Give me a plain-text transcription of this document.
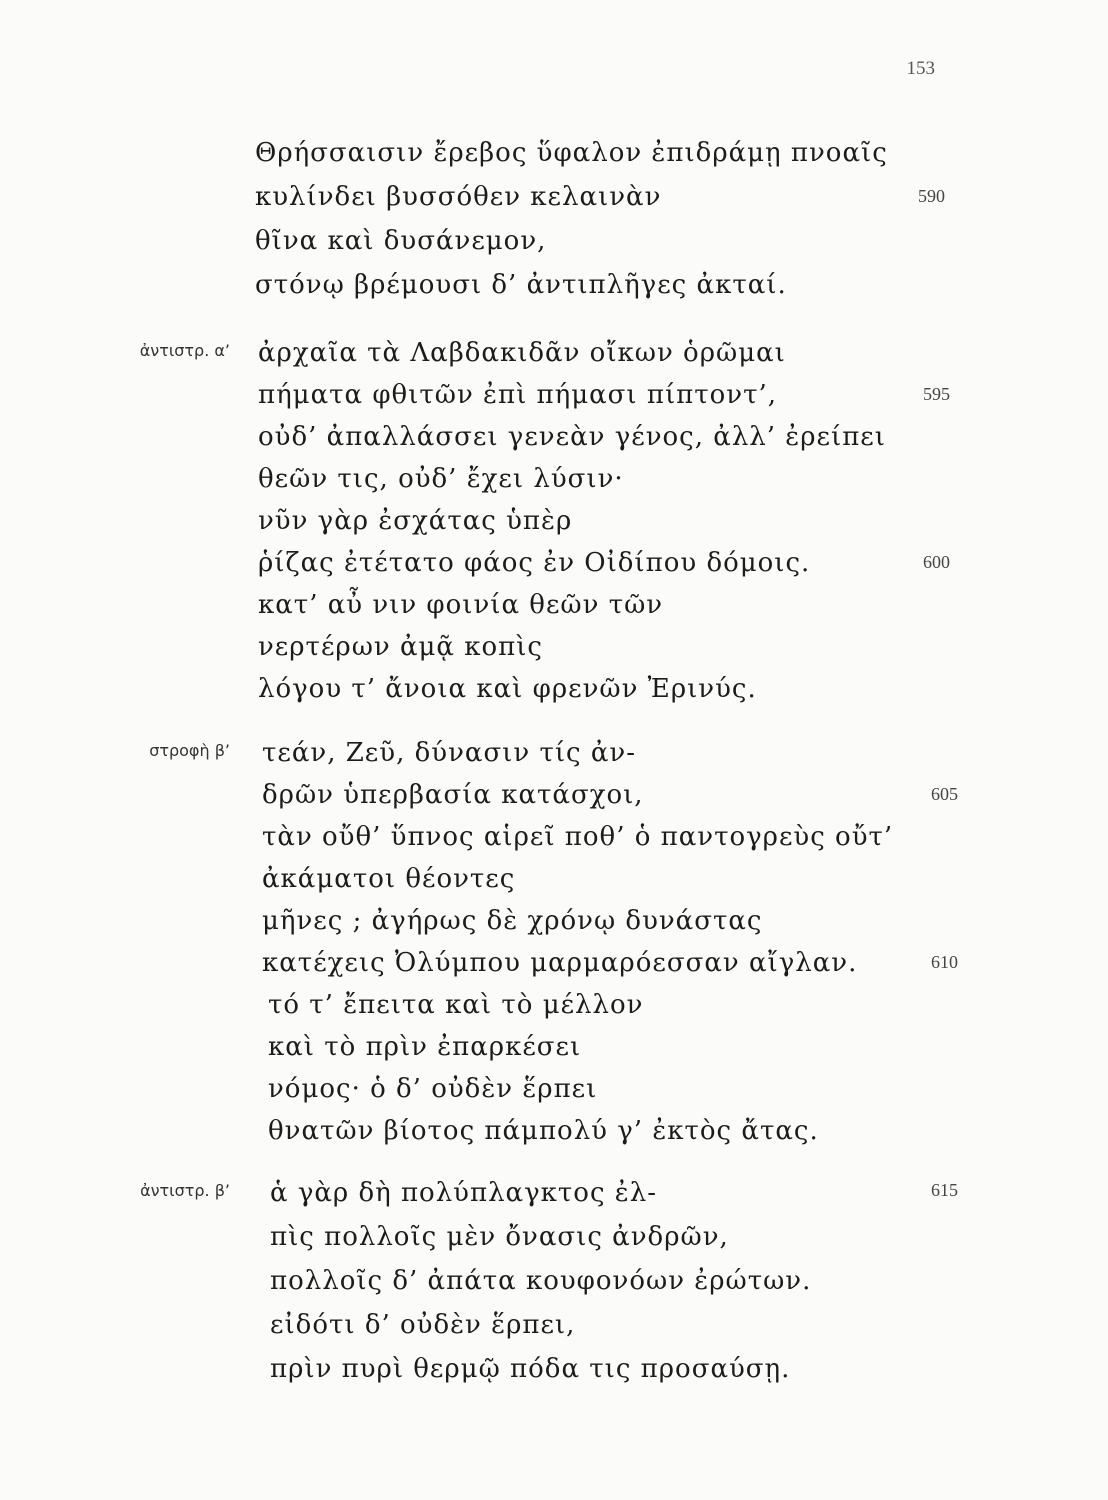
153
Θρήσσαισιν ἔρεβος ὕφαλον ἐπιδράμῃ πνοαῖς
κυλίνδει βυσσόθεν κελαινὰν	590
θῖνα καὶ δυσάνεμον,
στόνῳ βρέμουσι δ’ ἀντιπλῆγες ἀκταί.
ἀντιστρ. α’ ἀρχαῖα τὰ Λαβδακιδᾶν οἴκων ὁρῶμαι
πήματα φθιτῶν ἐπὶ πήμασι πίπτοντ’,	595
οὐδ’ ἀπαλλάσσει γενεὰν γένος, ἀλλ’ ἐρείπει
θεῶν τις, οὐδ’ ἔχει λύσιν·
νῦν γὰρ ἐσχάτας ὑπὲρ
ῥίζας ἐτέτατο φάος ἐν Οἰδίπου δόμοις.	600
κατ’ αὖ νιν φοινία θεῶν τῶν
νερτέρων ἀμᾷ κοπὶς
λόγου τ’ ἄνοια καὶ φρενῶν Ἐρινύς.
στροφὴ β’ τεάν, Ζεῦ, δύνασιν τίς ἀν-
δρῶν ὑπερβασία κατάσχοι,	605
τὰν οὔθ’ ὕπνος αἱρεῖ ποθ’ ὁ παντογρεὺς οὔτ’
ἀκάματοι θέοντες
μῆνες ; ἀγήρως δὲ χρόνῳ δυνάστας
κατέχεις Ὀλύμπου μαρμαρόεσσαν αἴγλαν.	610
τό τ’ ἔπειτα καὶ τὸ μέλλον
καὶ τὸ πρὶν ἐπαρκέσει
νόμος· ὁ δ’ οὐδὲν ἕρπει
θνατῶν βίοτος πάμπολύ γ’ ἐκτὸς ἄτας.
ἀντιστρ. β’ ἁ γὰρ δὴ πολύπλαγκτος ἐλ-	615
πὶς πολλοῖς μὲν ὄνασις ἀνδρῶν,
πολλοῖς δ’ ἀπάτα κουφονόων ἐρώτων.
εἰδότι δ’ οὐδὲν ἕρπει,
πρὶν πυρὶ θερμῷ πόδα τις προσαύσῃ.
